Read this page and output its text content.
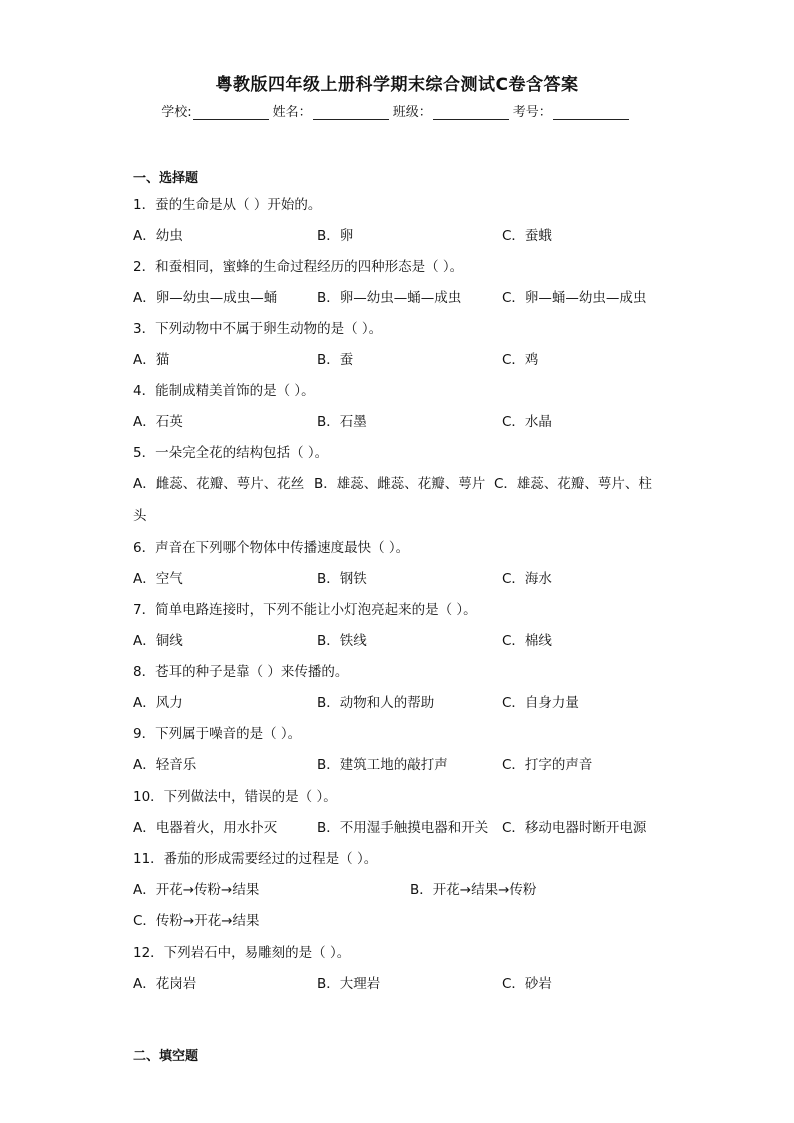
粤教版四年级上册科学期末综合测试C卷含答案
学校:	姓名：	班级：	考号：
一、选择题
1．蚕的生命是从（ ）开始的。
A．幼虫	B．卵	C．蚕蛾
2．和蚕相同，蜜蜂的生命过程经历的四种形态是（ ）。
A．卵—幼虫—成虫—蛹	B．卵—幼虫—蛹—成虫	C．卵—蛹—幼虫—成虫
3．下列动物中不属于卵生动物的是（ ）。
A．猫	B．蚕	C．鸡
4．能制成精美首饰的是（ ）。
A．石英	B．石墨	C．水晶
5．一朵完全花的结构包括（ ）。
A．雌蕊、花瓣、萼片、花丝 B．雄蕊、雌蕊、花瓣、萼片 C．雄蕊、花瓣、萼片、柱
头
6．声音在下列哪个物体中传播速度最快（ ）。
A．空气	B．钢铁	C．海水
7．简单电路连接时，下列不能让小灯泡亮起来的是（ ）。
A．铜线	B．铁线	C．棉线
8．苍耳的种子是靠（ ）来传播的。
A．风力	B．动物和人的帮助	C．自身力量
9．下列属于噪音的是（ ）。
A．轻音乐	B．建筑工地的敲打声	C．打字的声音
10．下列做法中，错误的是（ ）。
A．电器着火，用水扑灭	B．不用湿手触摸电器和开关 C．移动电器时断开电源
11．番茄的形成需要经过的过程是（ ）。
A．开花→传粉→结果	B．开花→结果→传粉
C．传粉→开花→结果
12．下列岩石中，易雕刻的是（ ）。
A．花岗岩	B．大理岩	C．砂岩
二、填空题
